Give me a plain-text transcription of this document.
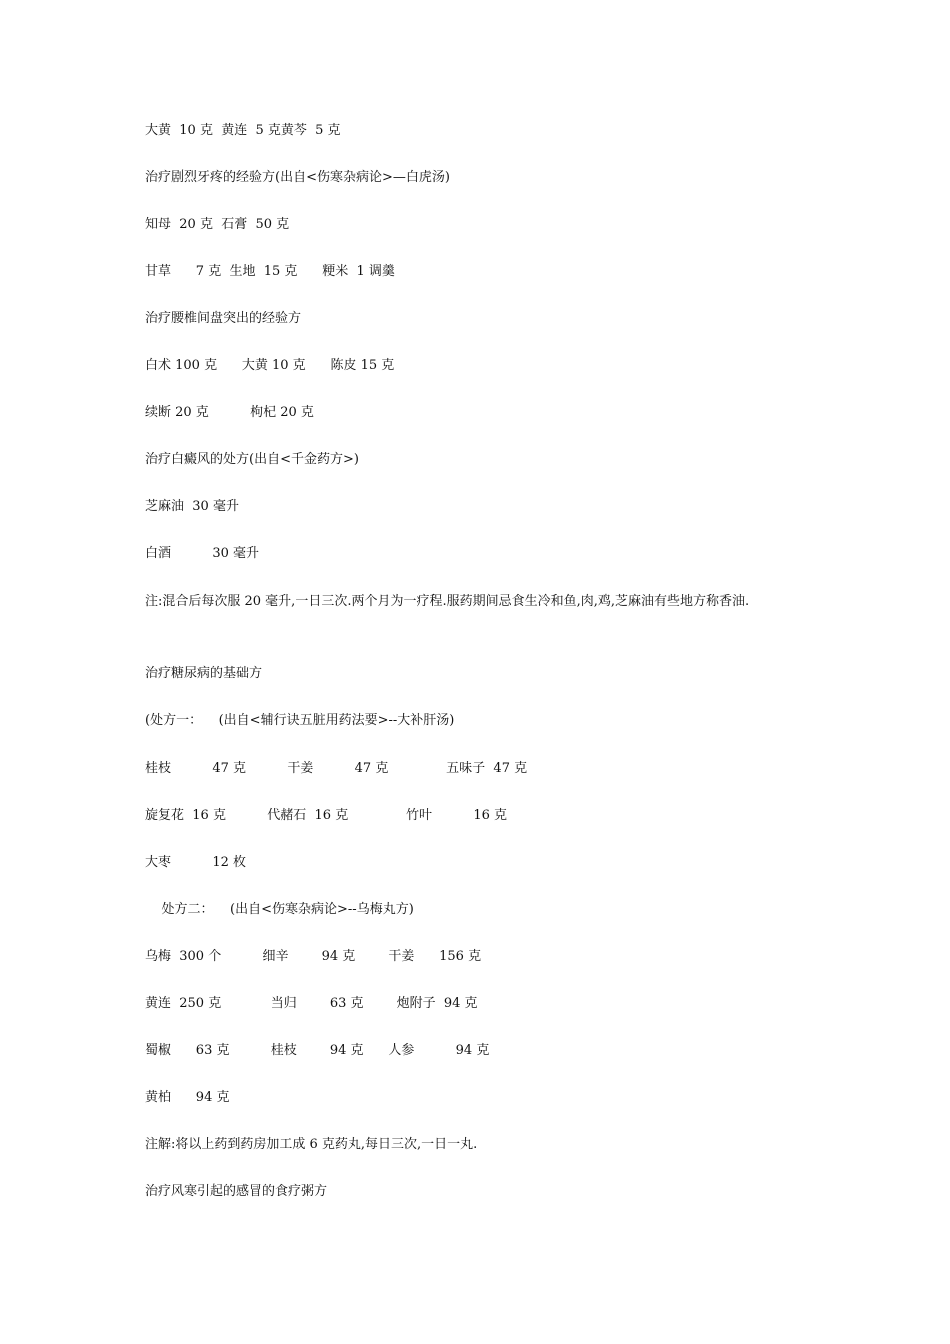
大黄  10 克  黄连  5 克黄芩  5 克
治疗剧烈牙疼的经验方(出自<伤寒杂病论>—白虎汤)
知母  20 克  石膏  50 克
甘草      7 克  生地  15 克      粳米  1 调羹
治疗腰椎间盘突出的经验方
白术 100 克      大黄 10 克      陈皮 15 克
续断 20 克          枸杞 20 克
治疗白癜风的处方(出自<千金药方>)
芝麻油  30 毫升
白酒          30 毫升
注:混合后每次服 20 毫升,一日三次.两个月为一疗程.服药期间忌食生冷和鱼,肉,鸡,芝麻油有些地方称香油.
治疗糖尿病的基础方
(处方一：    (出自<辅行诀五脏用药法要>--大补肝汤)
桂枝          47 克          干姜          47 克              五味子  47 克
旋复花  16 克          代赭石  16 克              竹叶          16 克
大枣          12 枚
处方二：    (出自<伤寒杂病论>--乌梅丸方)
乌梅  300 个          细辛        94 克        干姜      156 克
黄连  250 克            当归        63 克        炮附子  94 克
蜀椒      63 克          桂枝        94 克      人参          94 克
黄柏      94 克
注解:将以上药到药房加工成 6 克药丸,每日三次,一日一丸.
治疗风寒引起的感冒的食疗粥方
